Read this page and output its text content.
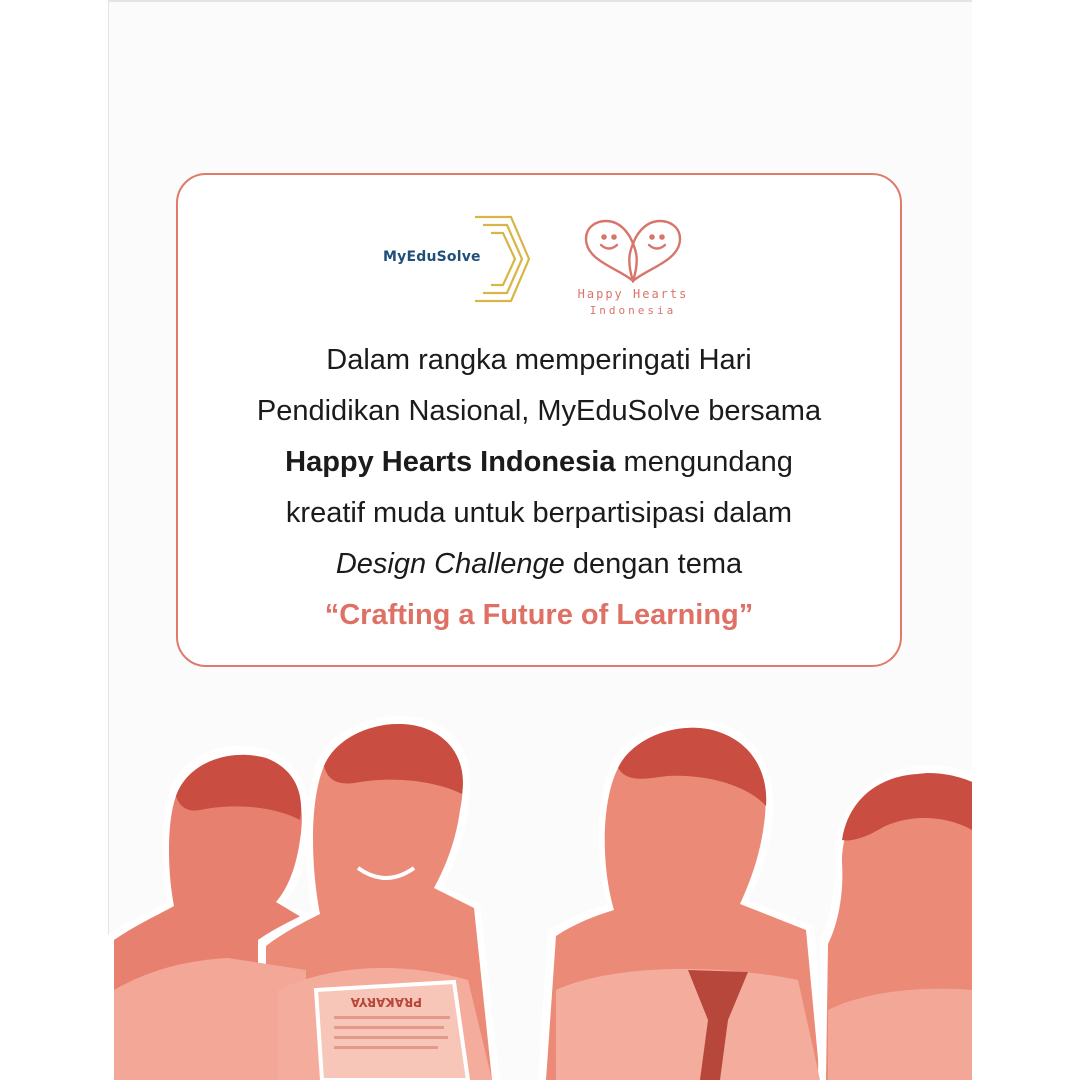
MyEduSolve
Happy Hearts
Indonesia
Dalam rangka memperingati Hari
Pendidikan Nasional, MyEduSolve bersama
Happy Hearts Indonesia mengundang
kreatif muda untuk berpartisipasi dalam
Design Challenge dengan tema
“Crafting a Future of Learning”
PRAKARYA
